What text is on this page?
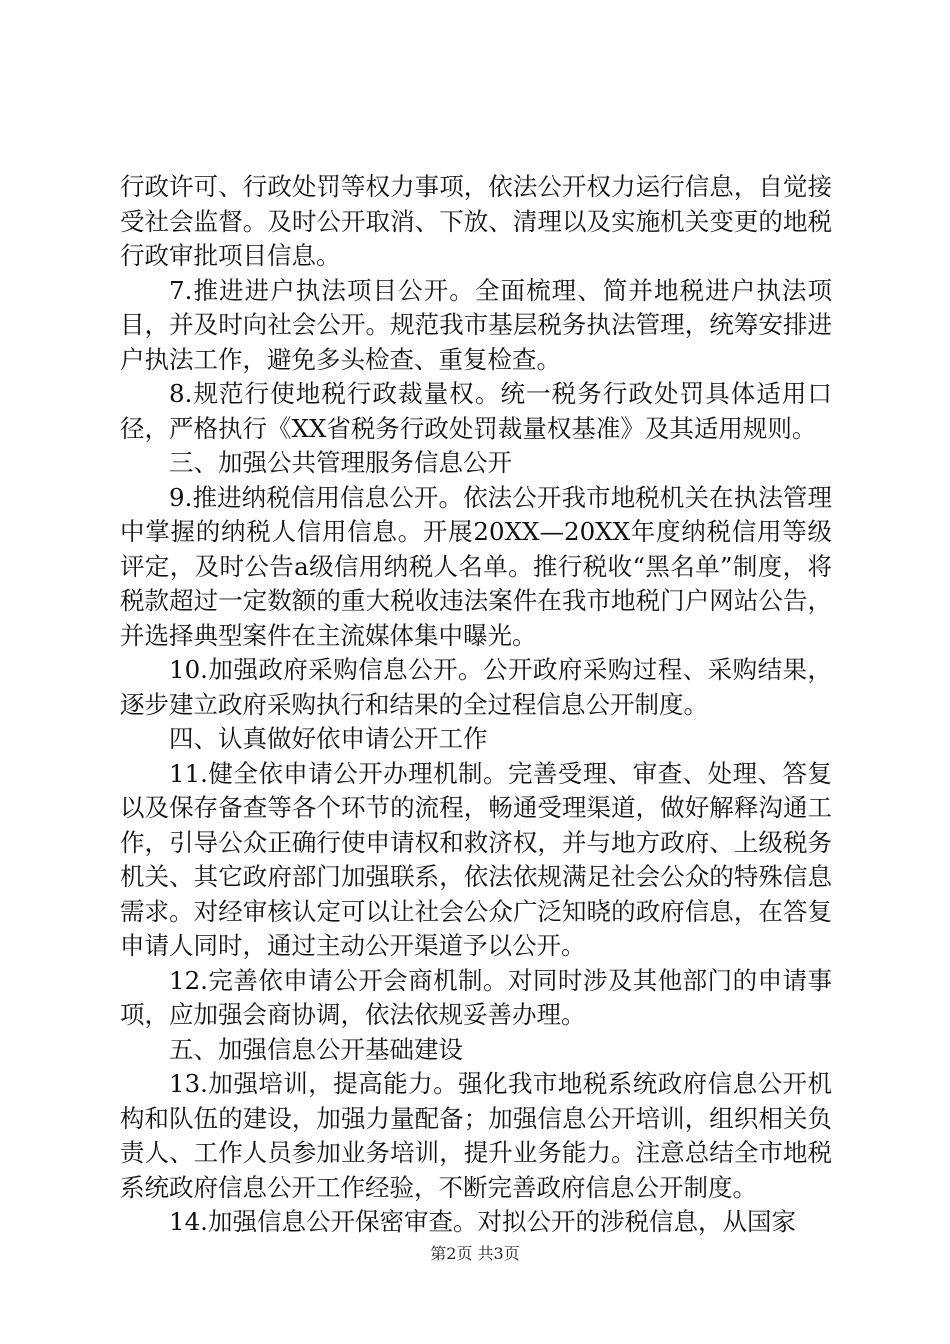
行政许可、行政处罚等权力事项，依法公开权力运行信息，自觉接受社会监督。及时公开取消、下放、清理以及实施机关变更的地税行政审批项目信息。

7.推进进户执法项目公开。全面梳理、简并地税进户执法项目，并及时向社会公开。规范我市基层税务执法管理，统筹安排进户执法工作，避免多头检查、重复检查。

8.规范行使地税行政裁量权。统一税务行政处罚具体适用口径，严格执行《XX省税务行政处罚裁量权基准》及其适用规则。

三、加强公共管理服务信息公开

9.推进纳税信用信息公开。依法公开我市地税机关在执法管理中掌握的纳税人信用信息。开展20XX—20XX年度纳税信用等级评定，及时公告a级信用纳税人名单。推行税收“黑名单”制度，将税款超过一定数额的重大税收违法案件在我市地税门户网站公告，并选择典型案件在主流媒体集中曝光。

10.加强政府采购信息公开。公开政府采购过程、采购结果，逐步建立政府采购执行和结果的全过程信息公开制度。

四、认真做好依申请公开工作

11.健全依申请公开办理机制。完善受理、审查、处理、答复以及保存备查等各个环节的流程，畅通受理渠道，做好解释沟通工作，引导公众正确行使申请权和救济权，并与地方政府、上级税务机关、其它政府部门加强联系，依法依规满足社会公众的特殊信息需求。对经审核认定可以让社会公众广泛知晓的政府信息，在答复申请人同时，通过主动公开渠道予以公开。

12.完善依申请公开会商机制。对同时涉及其他部门的申请事项，应加强会商协调，依法依规妥善办理。

五、加强信息公开基础建设

13.加强培训，提高能力。强化我市地税系统政府信息公开机构和队伍的建设，加强力量配备；加强信息公开培训，组织相关负责人、工作人员参加业务培训，提升业务能力。注意总结全市地税系统政府信息公开工作经验，不断完善政府信息公开制度。

14.加强信息公开保密审查。对拟公开的涉税信息，从国家

第2页 共3页
